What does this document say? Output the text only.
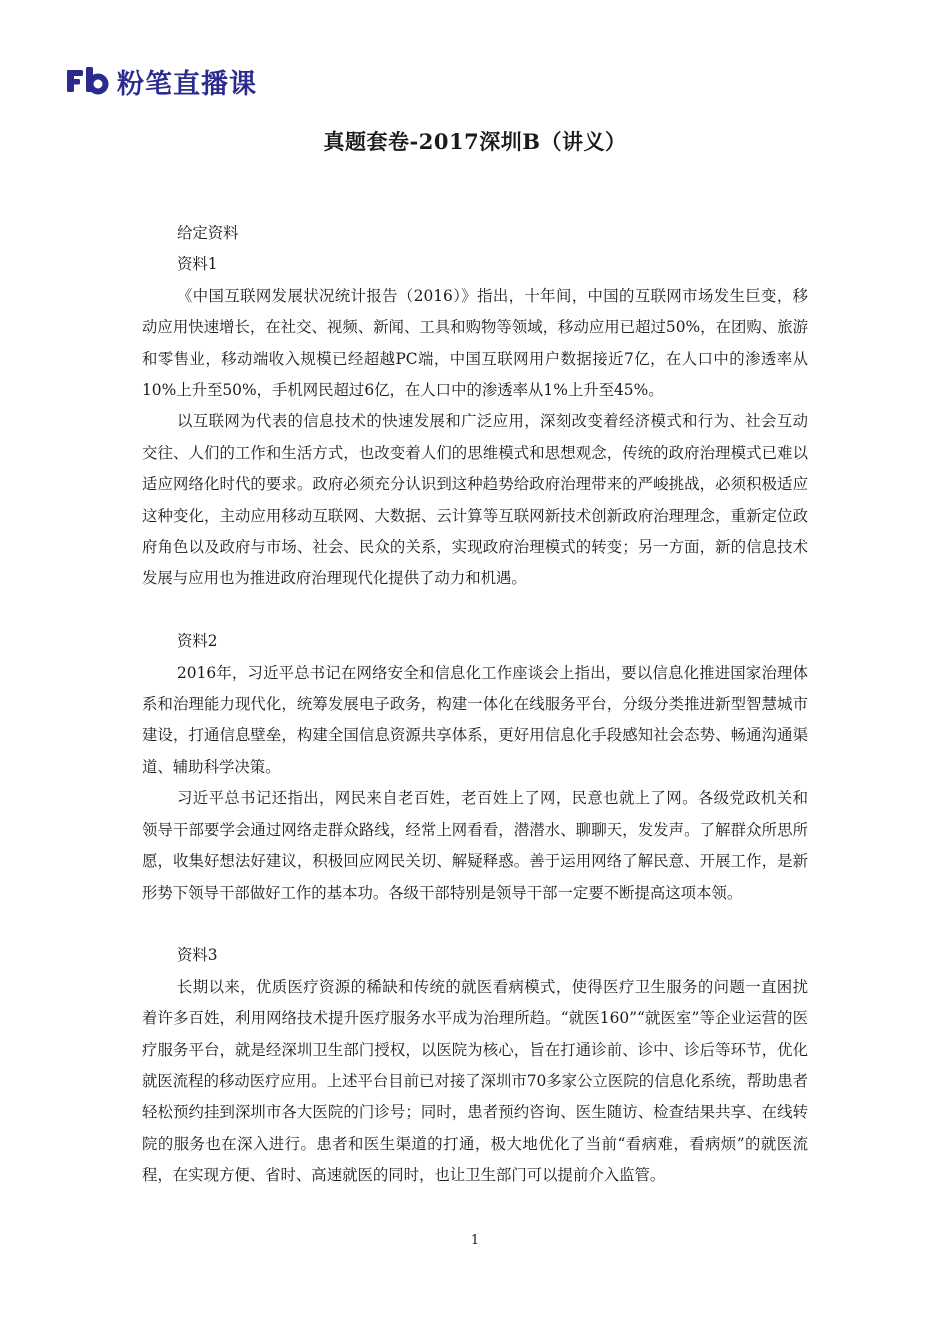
粉笔直播课
真题套卷-2017深圳B（讲义）

给定资料

资料1

《中国互联网发展状况统计报告（2016）》指出，十年间，中国的互联网市场发生巨变，移动应用快速增长，在社交、视频、新闻、工具和购物等领域，移动应用已超过50%，在团购、旅游和零售业，移动端收入规模已经超越PC端，中国互联网用户数据接近7亿，在人口中的渗透率从10%上升至50%，手机网民超过6亿，在人口中的渗透率从1%上升至45%。

以互联网为代表的信息技术的快速发展和广泛应用，深刻改变着经济模式和行为、社会互动交往、人们的工作和生活方式，也改变着人们的思维模式和思想观念，传统的政府治理模式已难以适应网络化时代的要求。政府必须充分认识到这种趋势给政府治理带来的严峻挑战，必须积极适应这种变化，主动应用移动互联网、大数据、云计算等互联网新技术创新政府治理理念，重新定位政府角色以及政府与市场、社会、民众的关系，实现政府治理模式的转变；另一方面，新的信息技术发展与应用也为推进政府治理现代化提供了动力和机遇。

资料2

2016年，习近平总书记在网络安全和信息化工作座谈会上指出，要以信息化推进国家治理体系和治理能力现代化，统筹发展电子政务，构建一体化在线服务平台，分级分类推进新型智慧城市建设，打通信息壁垒，构建全国信息资源共享体系，更好用信息化手段感知社会态势、畅通沟通渠道、辅助科学决策。

习近平总书记还指出，网民来自老百姓，老百姓上了网，民意也就上了网。各级党政机关和领导干部要学会通过网络走群众路线，经常上网看看，潜潜水、聊聊天，发发声。了解群众所思所愿，收集好想法好建议，积极回应网民关切、解疑释惑。善于运用网络了解民意、开展工作，是新形势下领导干部做好工作的基本功。各级干部特别是领导干部一定要不断提高这项本领。

资料3

长期以来，优质医疗资源的稀缺和传统的就医看病模式，使得医疗卫生服务的问题一直困扰着许多百姓，利用网络技术提升医疗服务水平成为治理所趋。“就医160”“就医室”等企业运营的医疗服务平台，就是经深圳卫生部门授权，以医院为核心，旨在打通诊前、诊中、诊后等环节，优化就医流程的移动医疗应用。上述平台目前已对接了深圳市70多家公立医院的信息化系统，帮助患者轻松预约挂到深圳市各大医院的门诊号；同时，患者预约咨询、医生随访、检查结果共享、在线转院的服务也在深入进行。患者和医生渠道的打通，极大地优化了当前“看病难，看病烦”的就医流程，在实现方便、省时、高速就医的同时，也让卫生部门可以提前介入监管。

1
